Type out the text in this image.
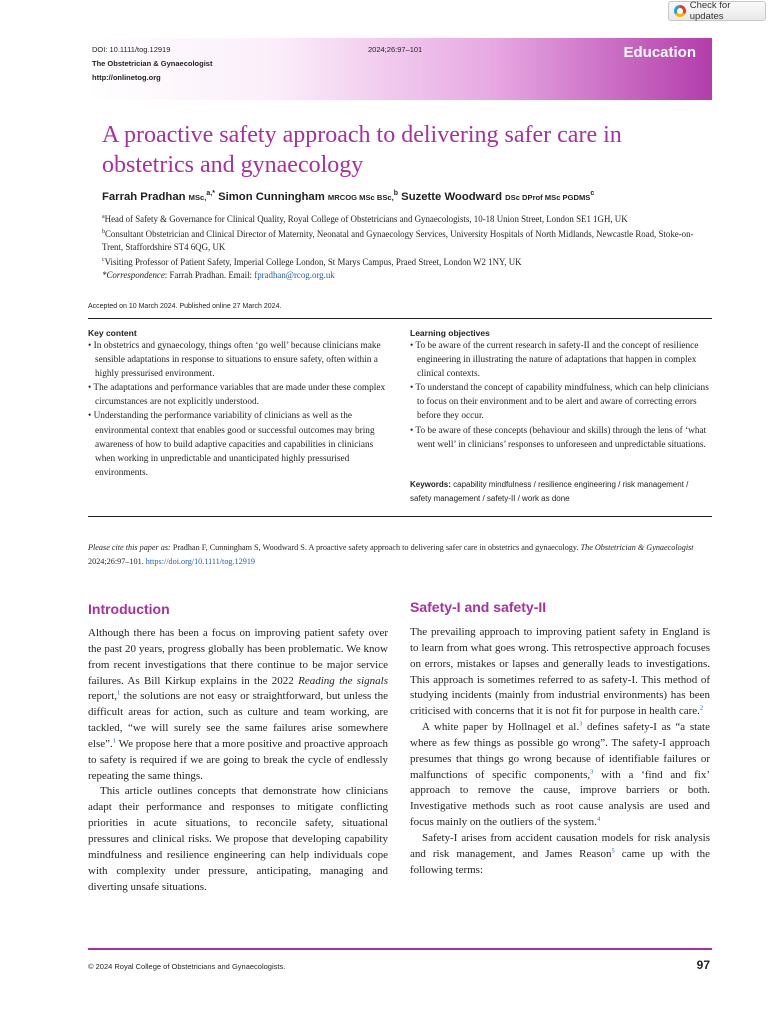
Check for updates
DOI: 10.1111/tog.12919
The Obstetrician & Gynaecologist
http://onlinetog.org
2024;26:97–101	Education
A proactive safety approach to delivering safer care in obstetrics and gynaecology
Farrah Pradhan MSc,$^{a,*}$ Simon Cunningham MRCOG MSc BSc,$^b$ Suzette Woodward DSc DProf MSc PGDMS$^c$
$^a$Head of Safety & Governance for Clinical Quality, Royal College of Obstetricians and Gynaecologists, 10-18 Union Street, London SE1 1GH, UK
$^b$Consultant Obstetrician and Clinical Director of Maternity, Neonatal and Gynaecology Services, University Hospitals of North Midlands, Newcastle Road, Stoke-on-Trent, Staffordshire ST4 6QG, UK
$^c$Visiting Professor of Patient Safety, Imperial College London, St Marys Campus, Praed Street, London W2 1NY, UK
*Correspondence: Farrah Pradhan. Email: fpradhan@rcog.org.uk
Accepted on 10 March 2024. Published online 27 March 2024.
Key content
• In obstetrics and gynaecology, things often ‘go well’ because clinicians make sensible adaptations in response to situations to ensure safety, often within a highly pressurised environment.
• The adaptations and performance variables that are made under these complex circumstances are not explicitly understood.
• Understanding the performance variability of clinicians as well as the environmental context that enables good or successful outcomes may bring awareness of how to build adaptive capacities and capabilities in clinicians when working in unpredictable and unanticipated highly pressurised environments.
Learning objectives
• To be aware of the current research in safety-II and the concept of resilience engineering in illustrating the nature of adaptations that happen in complex clinical contexts.
• To understand the concept of capability mindfulness, which can help clinicians to focus on their environment and to be alert and aware of correcting errors before they occur.
• To be aware of these concepts (behaviour and skills) through the lens of ‘what went well’ in clinicians’ responses to unforeseen and unpredictable situations.
Keywords: capability mindfulness / resilience engineering / risk management / safety management / safety-II / work as done
Please cite this paper as: Pradhan F, Cunningham S, Woodward S. A proactive safety approach to delivering safer care in obstetrics and gynaecology. The Obstetrician & Gynaecologist 2024;26:97–101. https://doi.org/10.1111/tog.12919
Introduction

Although there has been a focus on improving patient safety over the past 20 years, progress globally has been problematic. We know from recent investigations that there continue to be major service failures. As Bill Kirkup explains in the 2022 Reading the signals report,$^1$ the solutions are not easy or straightforward, but unless the difficult areas for action, such as culture and team working, are tackled, “we will surely see the same failures arise somewhere else”.$^1$ We propose here that a more positive and proactive approach to safety is required if we are going to break the cycle of endlessly repeating the same things.

This article outlines concepts that demonstrate how clinicians adapt their performance and responses to mitigate conflicting priorities in acute situations, to reconcile safety, situational pressures and clinical risks. We propose that developing capability mindfulness and resilience engineering can help individuals cope with complexity under pressure, anticipating, managing and diverting unsafe situations.

Safety-I and safety-II

The prevailing approach to improving patient safety in England is to learn from what goes wrong. This retrospective approach focuses on errors, mistakes or lapses and generally leads to investigations. This approach is sometimes referred to as safety-I. This method of studying incidents (mainly from industrial environments) has been criticised with concerns that it is not fit for purpose in health care.$^2$

A white paper by Hollnagel et al.$^3$ defines safety-I as “a state where as few things as possible go wrong”. The safety-I approach presumes that things go wrong because of identifiable failures or malfunctions of specific components,$^3$ with a ‘find and fix’ approach to remove the cause, improve barriers or both. Investigative methods such as root cause analysis are used and focus mainly on the outliers of the system.$^4$

Safety-I arises from accident causation models for risk analysis and risk management, and James Reason$^5$ came up with the following terms:

© 2024 Royal College of Obstetricians and Gynaecologists.	97
